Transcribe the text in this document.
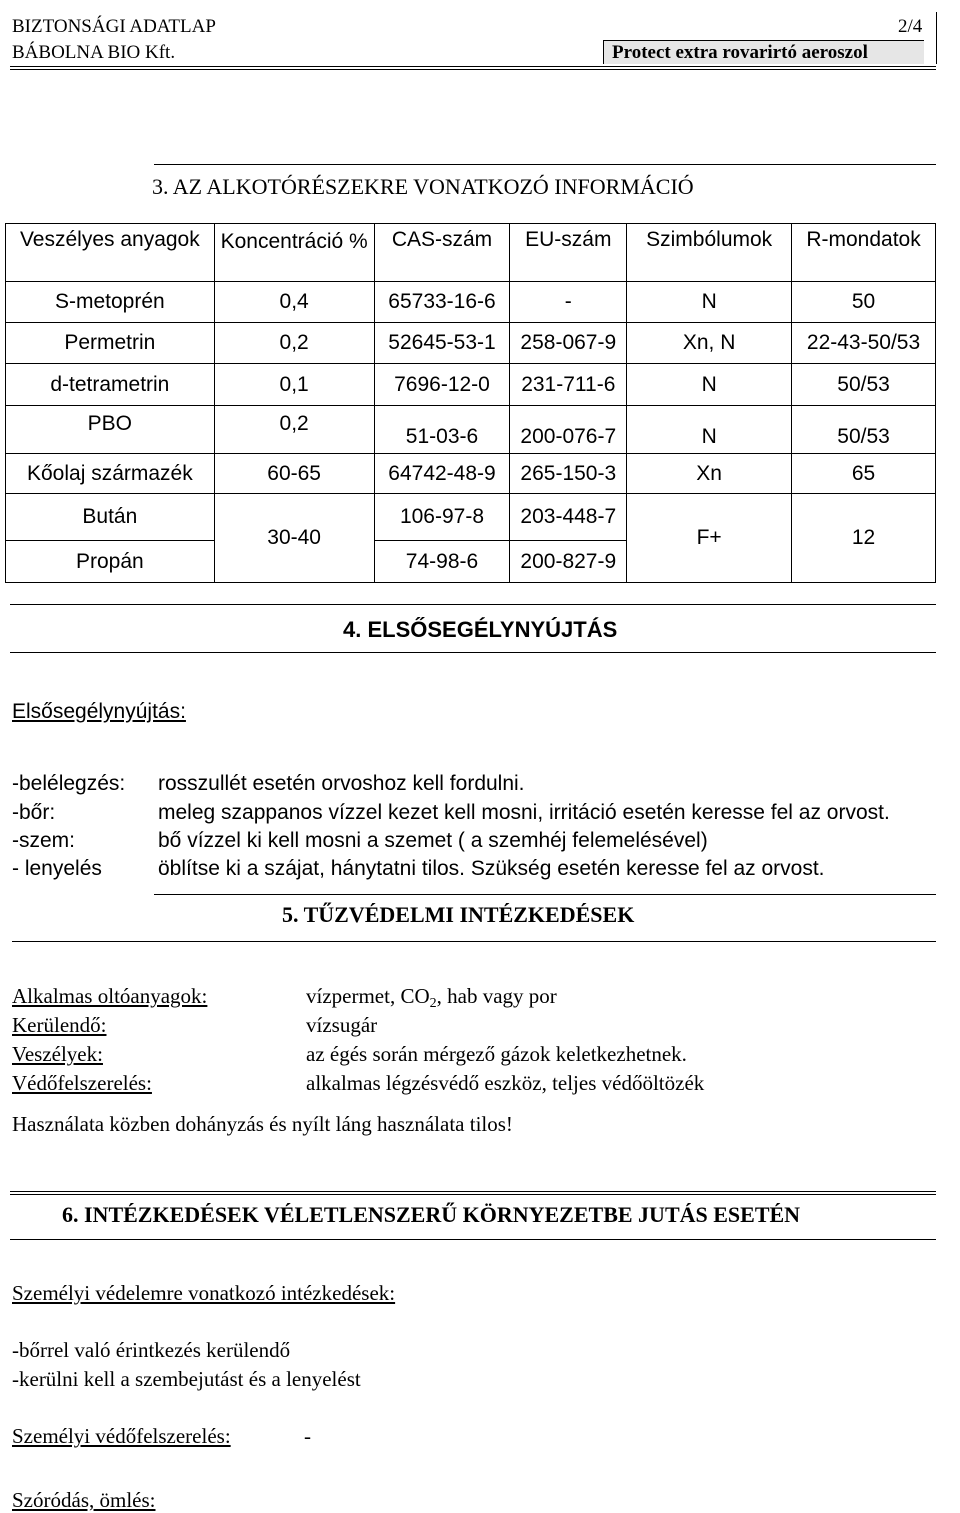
BIZTONSÁGI ADATLAP	2/4
BÁBOLNA BIO Kft.	Protect extra rovarirtó aeroszol
3. AZ ALKOTÓRÉSZEKRE VONATKOZÓ INFORMÁCIÓ
Veszélyes anyagok	Koncentráció %	CAS-szám	EU-szám	Szimbólumok	R-mondatok
S-metoprén	0,4	65733-16-6	-	N	50
Permetrin	0,2	52645-53-1	258-067-9	Xn, N	22-43-50/53
d-tetrametrin	0,1	7696-12-0	231-711-6	N	50/53
PBO	0,2	51-03-6	200-076-7	N	50/53
Kőolaj származék	60-65	64742-48-9	265-150-3	Xn	65
Bután	30-40	106-97-8	203-448-7	F+	12
Propán		74-98-6	200-827-9		
4. ELSŐSEGÉLYNYÚJTÁS
Elsősegélynyújtás:
-belélegzés: rosszullét esetén orvoshoz kell fordulni.
-bőr:	meleg szappanos vízzel kezet kell mosni, irritáció esetén keresse fel az orvost.
-szem:	bő vízzel ki kell mosni a szemet ( a szemhéj felemelésével)
- lenyelés	öblítse ki a szájat, hánytatni tilos. Szükség esetén keresse fel az orvost.
5. TŰZVÉDELMI INTÉZKEDÉSEK
Alkalmas oltóanyagok:	vízpermet, $CO_2$, hab vagy por
Kerülendő:	vízsugár
Veszélyek:	az égés során mérgező gázok keletkezhetnek.
Védőfelszerelés:	alkalmas légzésvédő eszköz, teljes védőöltözék
Használata közben dohányzás és nyílt láng használata tilos!
6. INTÉZKEDÉSEK VÉLETLENSZERŰ KÖRNYEZETBE JUTÁS ESETÉN
Személyi védelemre vonatkozó intézkedések:
-bőrrel való érintkezés kerülendő
-kerülni kell a szembejutást és a lenyelést
Személyi védőfelszerelés:	-
Szóródás, ömlés:
